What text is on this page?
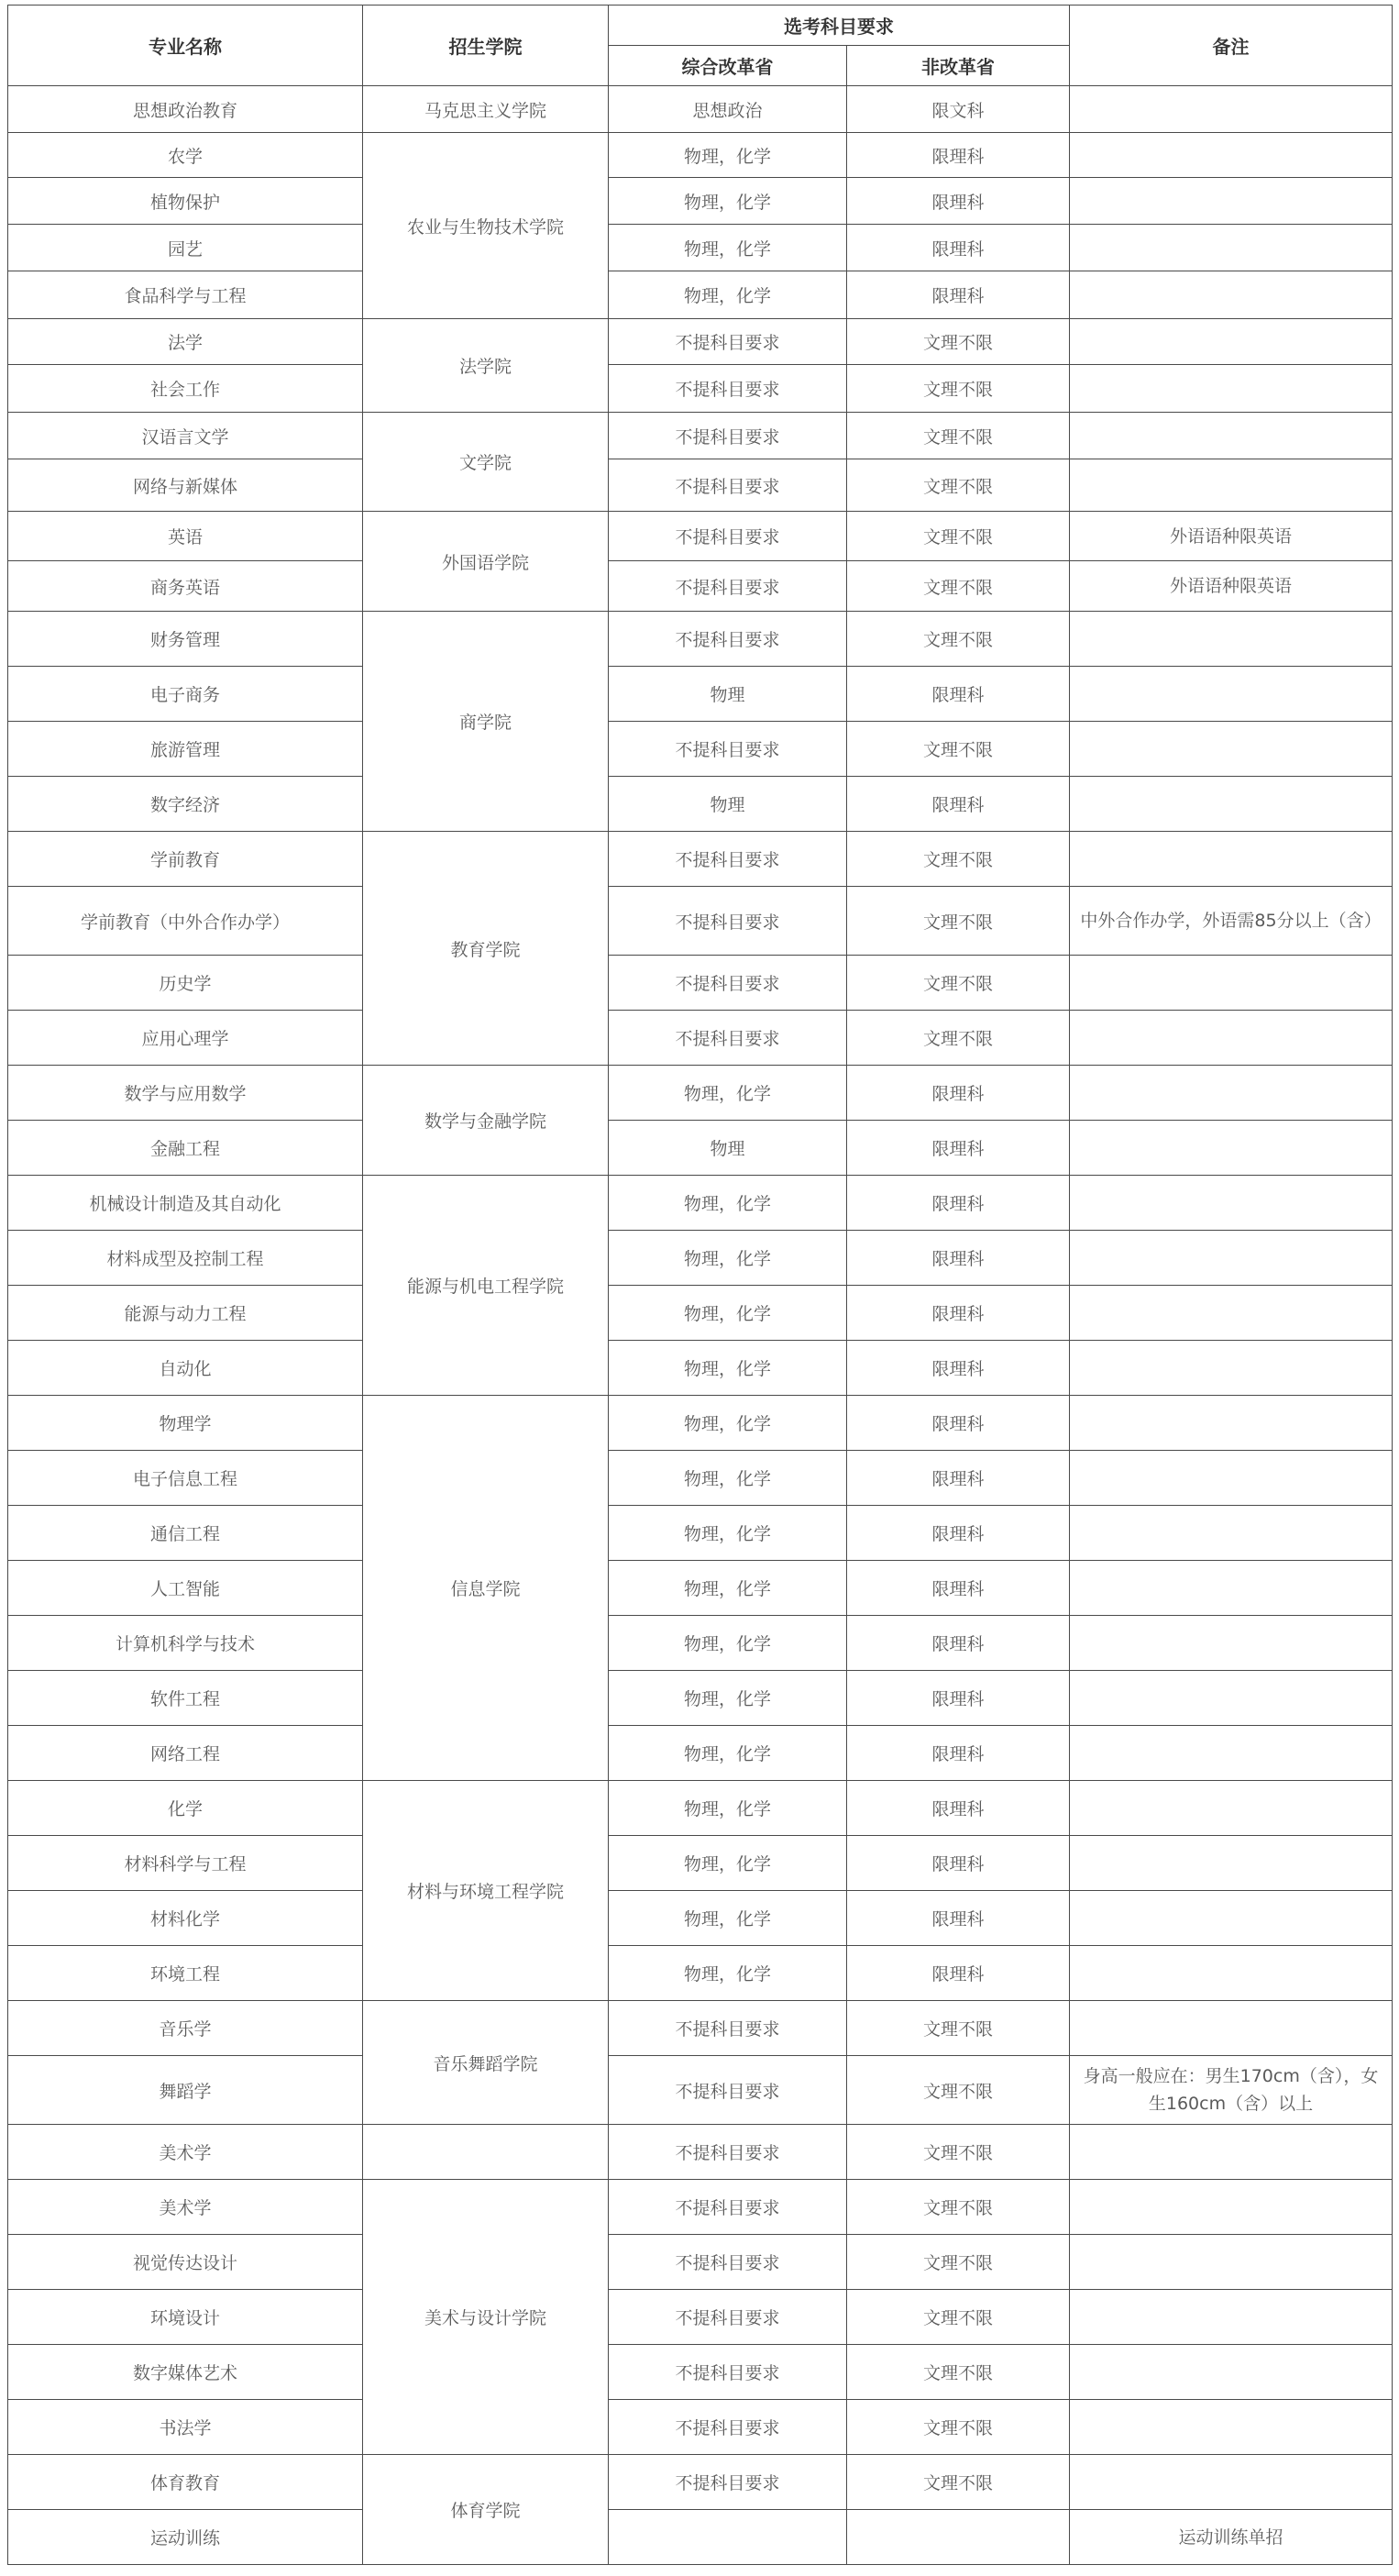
专业名称	招生学院	选考科目要求		备注
		综合改革省	非改革省	
思想政治教育	马克思主义学院	思想政治	限文科	
农学	农业与生物技术学院	物理，化学	限理科	
植物保护		物理，化学	限理科	
园艺		物理，化学	限理科	
食品科学与工程		物理，化学	限理科	
法学	法学院	不提科目要求	文理不限	
社会工作		不提科目要求	文理不限	
汉语言文学	文学院	不提科目要求	文理不限	
网络与新媒体		不提科目要求	文理不限	
英语	外国语学院	不提科目要求	文理不限	外语语种限英语
商务英语		不提科目要求	文理不限	外语语种限英语
财务管理	商学院	不提科目要求	文理不限	
电子商务		物理	限理科	
旅游管理		不提科目要求	文理不限	
数字经济		物理	限理科	
学前教育	教育学院	不提科目要求	文理不限	
学前教育（中外合作办学）		不提科目要求	文理不限	中外合作办学，外语需85分以上（含）
历史学		不提科目要求	文理不限	
应用心理学		不提科目要求	文理不限	
数学与应用数学	数学与金融学院	物理，化学	限理科	
金融工程		物理	限理科	
机械设计制造及其自动化	能源与机电工程学院	物理，化学	限理科	
材料成型及控制工程		物理，化学	限理科	
能源与动力工程		物理，化学	限理科	
自动化		物理，化学	限理科	
物理学	信息学院	物理，化学	限理科	
电子信息工程		物理，化学	限理科	
通信工程		物理，化学	限理科	
人工智能		物理，化学	限理科	
计算机科学与技术		物理，化学	限理科	
软件工程		物理，化学	限理科	
网络工程		物理，化学	限理科	
化学	材料与环境工程学院	物理，化学	限理科	
材料科学与工程		物理，化学	限理科	
材料化学		物理，化学	限理科	
环境工程		物理，化学	限理科	
音乐学	音乐舞蹈学院	不提科目要求	文理不限	
舞蹈学		不提科目要求	文理不限	身高一般应在：男生170cm（含），女生160cm（含）以上
美术学		不提科目要求	文理不限	
美术学	美术与设计学院	不提科目要求	文理不限	
视觉传达设计		不提科目要求	文理不限	
环境设计		不提科目要求	文理不限	
数字媒体艺术		不提科目要求	文理不限	
书法学		不提科目要求	文理不限	
体育教育	体育学院	不提科目要求	文理不限	
运动训练				运动训练单招
